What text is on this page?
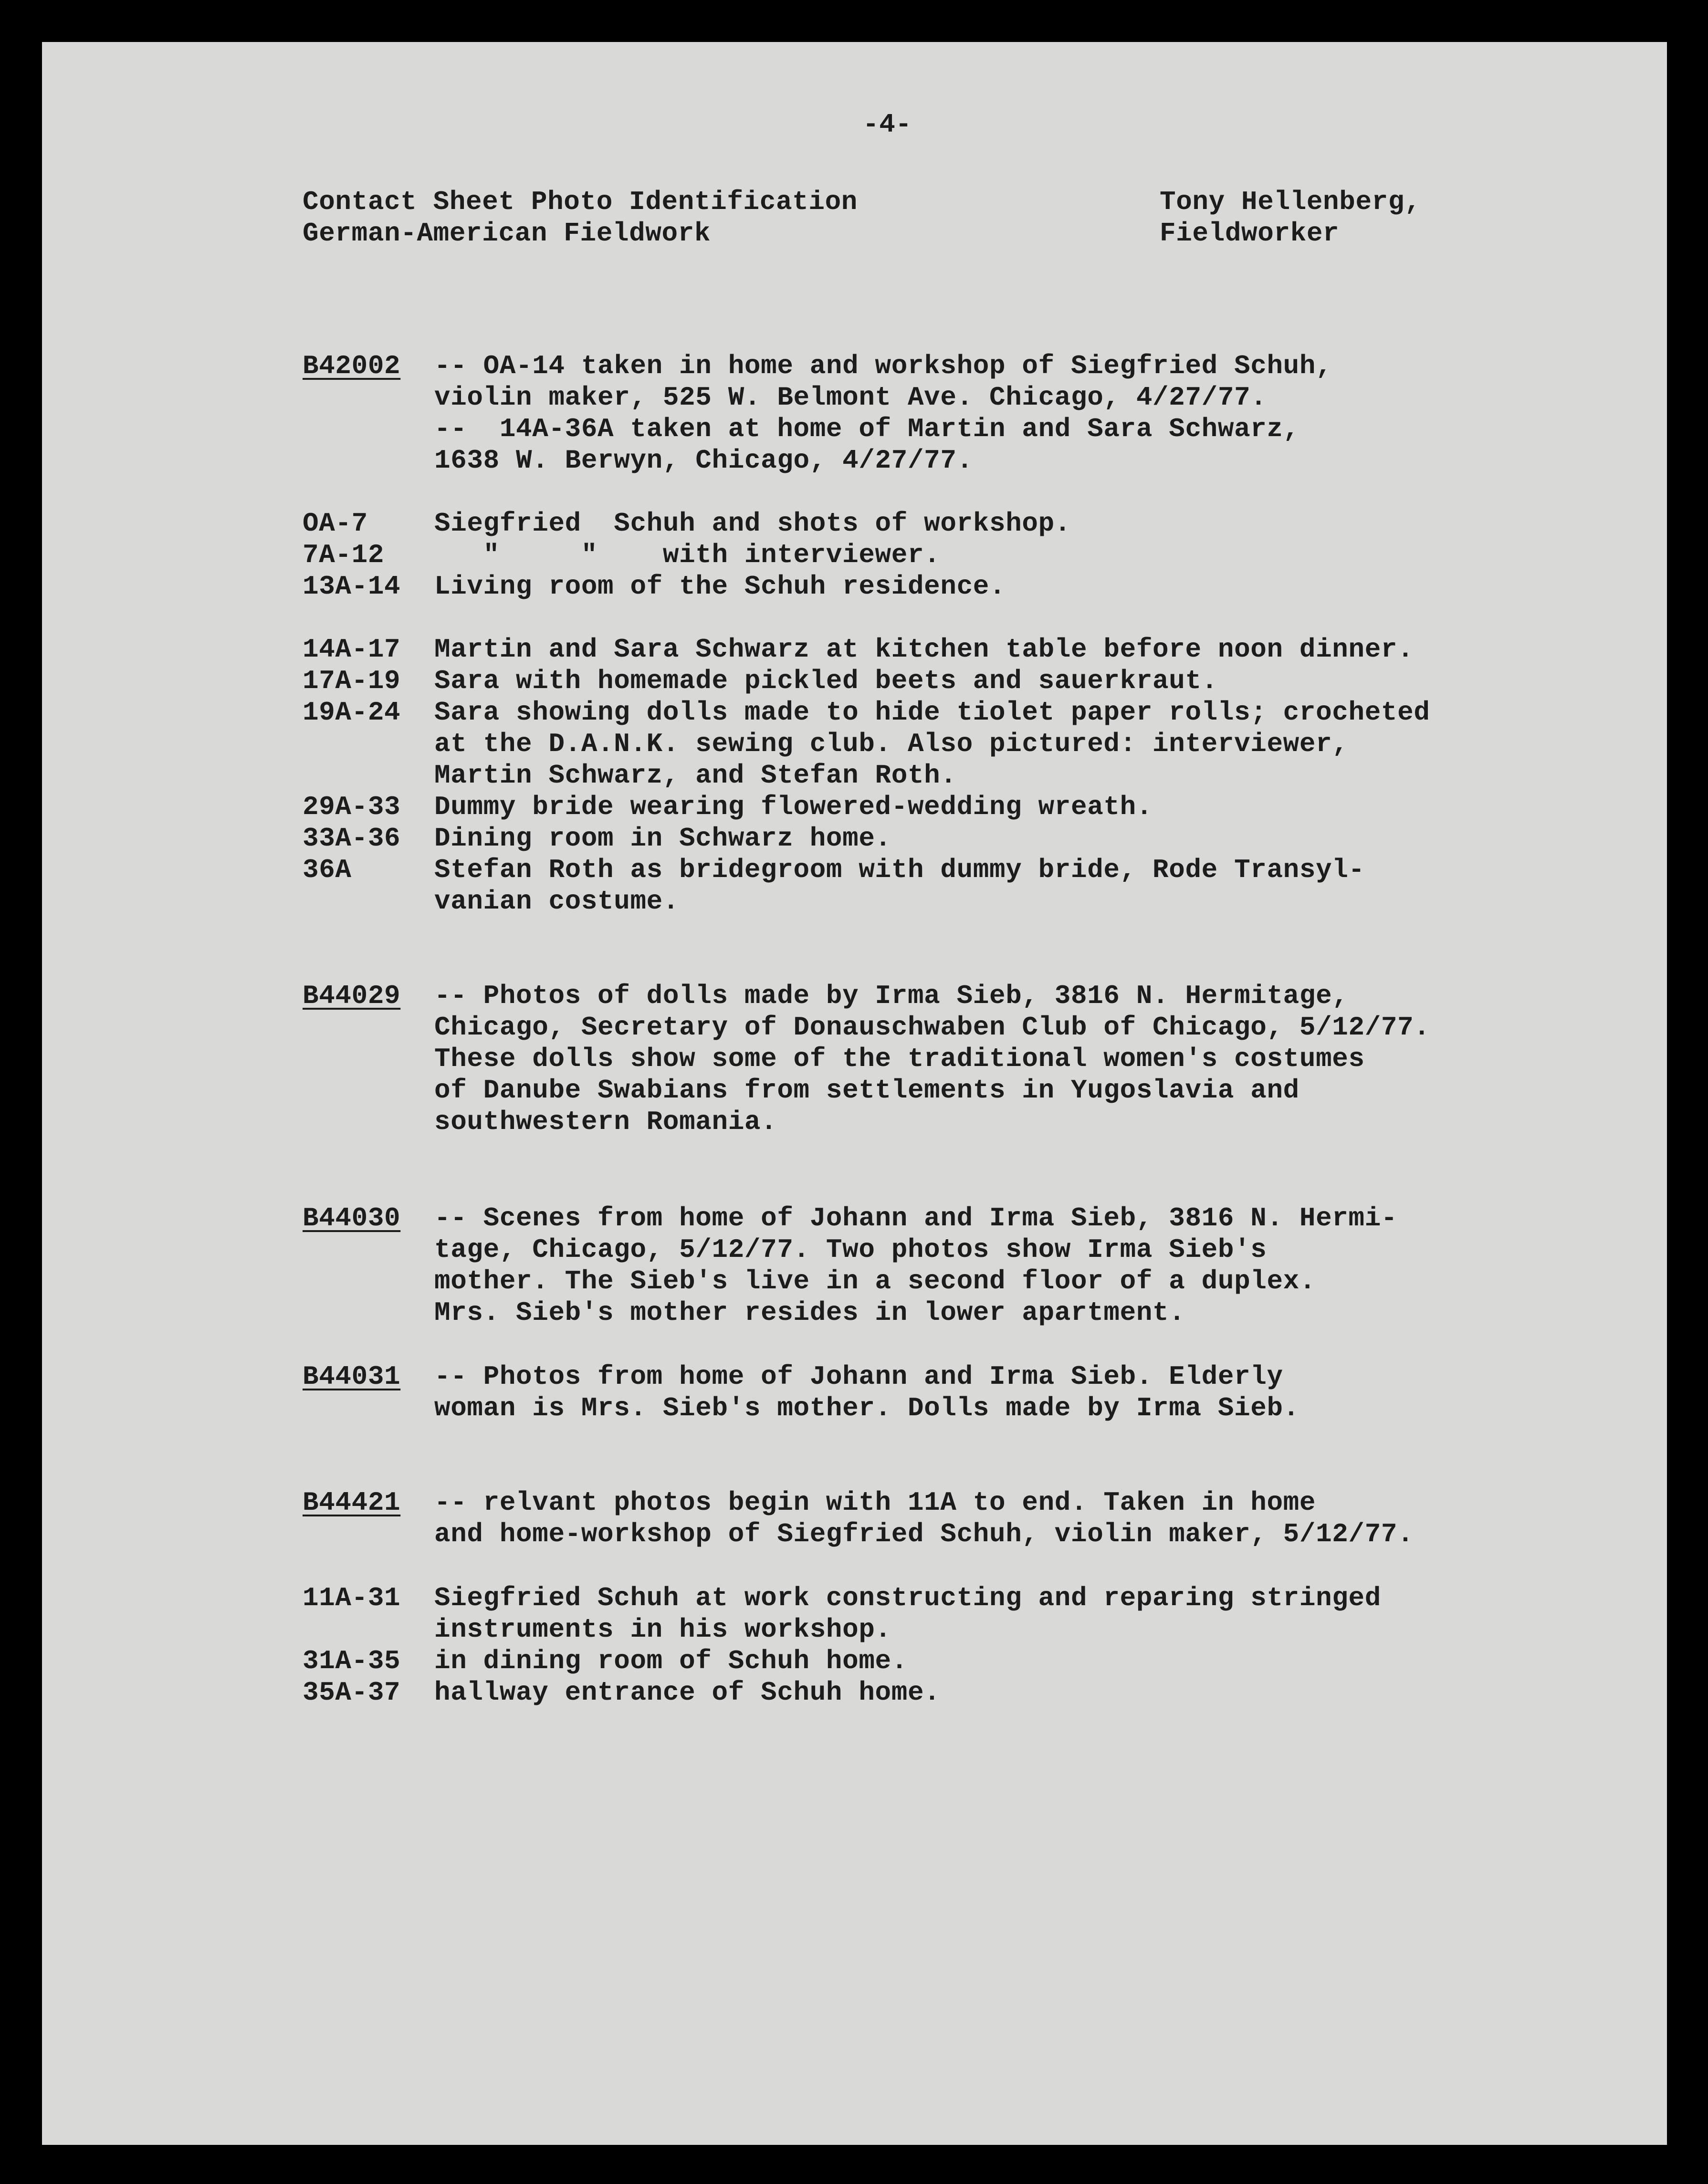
-4-
Contact Sheet Photo Identification
German-American Fieldwork
Tony Hellenberg,
Fieldworker
B42002 -- OA-14 taken in home and workshop of Siegfried Schuh,
violin maker, 525 W. Belmont Ave. Chicago, 4/27/77.
--  14A-36A taken at home of Martin and Sara Schwarz,
1638 W. Berwyn, Chicago, 4/27/77.
OA-7 Siegfried  Schuh and shots of workshop.
7A-12 "     "    with interviewer.
13A-14 Living room of the Schuh residence.
14A-17 Martin and Sara Schwarz at kitchen table before noon dinner.
17A-19 Sara with homemade pickled beets and sauerkraut.
19A-24 Sara showing dolls made to hide tiolet paper rolls; crocheted
at the D.A.N.K. sewing club. Also pictured: interviewer,
Martin Schwarz, and Stefan Roth.
29A-33 Dummy bride wearing flowered-wedding wreath.
33A-36 Dining room in Schwarz home.
36A	Stefan Roth as bridegroom with dummy bride, Rode Transyl-
vanian costume.
B44029 -- Photos of dolls made by Irma Sieb, 3816 N. Hermitage,
Chicago, Secretary of Donauschwaben Club of Chicago, 5/12/77.
These dolls show some of the traditional women's costumes
of Danube Swabians from settlements in Yugoslavia and
southwestern Romania.
B44030 -- Scenes from home of Johann and Irma Sieb, 3816 N. Hermi-
tage, Chicago, 5/12/77. Two photos show Irma Sieb's
mother. The Sieb's live in a second floor of a duplex.
Mrs. Sieb's mother resides in lower apartment.
B44031 -- Photos from home of Johann and Irma Sieb. Elderly
woman is Mrs. Sieb's mother. Dolls made by Irma Sieb.
B44421 -- relvant photos begin with 11A to end. Taken in home
and home-workshop of Siegfried Schuh, violin maker, 5/12/77.
11A-31 Siegfried Schuh at work constructing and reparing stringed
instruments in his workshop.
31A-35 in dining room of Schuh home.
35A-37 hallway entrance of Schuh home.
